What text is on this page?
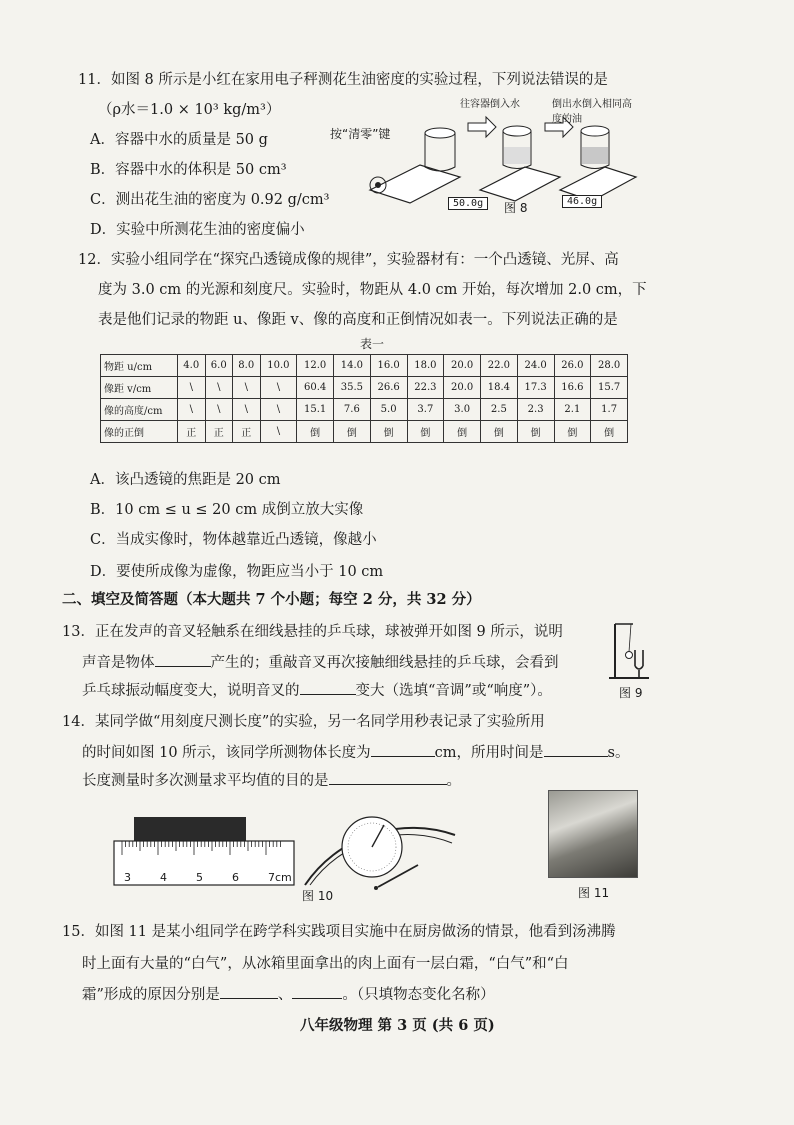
11．如图 8 所示是小红在家用电子秤测花生油密度的实验过程，下列说法错误的是
（ρ水＝1.0 × 10³ kg/m³）
A．容器中水的质量是 50 g
B．容器中水的体积是 50 cm³
C．测出花生油的密度为 0.92 g/cm³
D．实验中所测花生油的密度偏小
按“清零”键
往容器倒入水	倒出水倒入相同高度的油
50.0g	图 8	46.0g
12．实验小组同学在“探究凸透镜成像的规律”，实验器材有：一个凸透镜、光屏、高
度为 3.0 cm 的光源和刻度尺。实验时，物距从 4.0 cm 开始，每次增加 2.0 cm，下
表是他们记录的物距 u、像距 v、像的高度和正倒情况如表一。下列说法正确的是
表一
物距 u/cm	4.0	6.0	8.0	10.0	12.0	14.0	16.0	18.0	20.0	22.0	24.0	26.0	28.0
像距 v/cm	\	\	\	\	60.4	35.5	26.6	22.3	20.0	18.4	17.3	16.6	15.7
像的高度/cm	\	\	\	\	15.1	7.6	5.0	3.7	3.0	2.5	2.3	2.1	1.7
像的正倒	正	正	正	\	倒	倒	倒	倒	倒	倒	倒	倒	倒
A．该凸透镜的焦距是 20 cm
B．10 cm ≤ u ≤ 20 cm 成倒立放大实像
C．当成实像时，物体越靠近凸透镜，像越小
D．要使所成像为虚像，物距应当小于 10 cm
二、填空及简答题（本大题共 7 个小题；每空 2 分，共 32 分）
13．正在发声的音叉轻触系在细线悬挂的乒乓球，球被弹开如图 9 所示，说明
声音是物体	产生的；重敲音叉再次接触细线悬挂的乒乓球，会看到
乒乓球振动幅度变大，说明音叉的	变大（选填“音调”或“响度”）。	图 9
14．某同学做“用刻度尺测长度”的实验，另一名同学用秒表记录了实验所用
的时间如图 10 所示，该同学所测物体长度为	cm，所用时间是	s。
长度测量时多次测量求平均值的目的是	。
3	4	5	6	7cm
图 10	图 11
15．如图 11 是某小组同学在跨学科实践项目实施中在厨房做汤的情景，他看到汤沸腾
时上面有大量的“白气”，从冰箱里面拿出的肉上面有一层白霜，“白气”和“白
霜”形成的原因分别是	、	。（只填物态变化名称）
八年级物理 第 3 页 (共 6 页)
